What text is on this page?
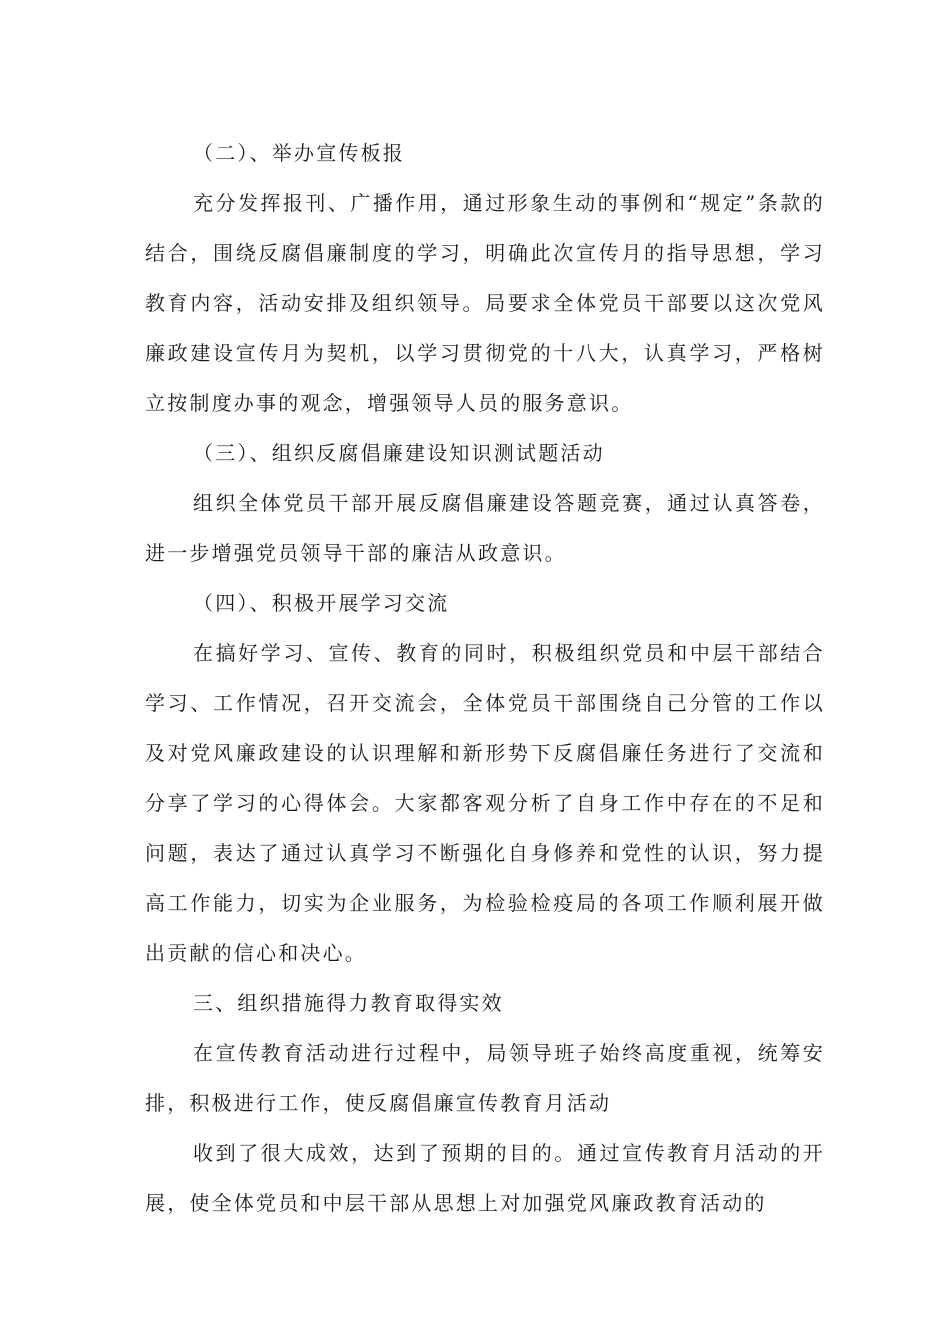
（二）、举办宣传板报

充分发挥报刊、广播作用，通过形象生动的事例和“规定”条款的结合，围绕反腐倡廉制度的学习，明确此次宣传月的指导思想，学习教育内容，活动安排及组织领导。局要求全体党员干部要以这次党风廉政建设宣传月为契机，以学习贯彻党的十八大，认真学习，严格树立按制度办事的观念，增强领导人员的服务意识。

（三）、组织反腐倡廉建设知识测试题活动

组织全体党员干部开展反腐倡廉建设答题竞赛，通过认真答卷，进一步增强党员领导干部的廉洁从政意识。

（四）、积极开展学习交流

在搞好学习、宣传、教育的同时，积极组织党员和中层干部结合学习、工作情况，召开交流会，全体党员干部围绕自己分管的工作以及对党风廉政建设的认识理解和新形势下反腐倡廉任务进行了交流和分享了学习的心得体会。大家都客观分析了自身工作中存在的不足和问题，表达了通过认真学习不断强化自身修养和党性的认识，努力提高工作能力，切实为企业服务，为检验检疫局的各项工作顺利展开做出贡献的信心和决心。

三、组织措施得力教育取得实效

在宣传教育活动进行过程中，局领导班子始终高度重视，统筹安排，积极进行工作，使反腐倡廉宣传教育月活动

收到了很大成效，达到了预期的目的。通过宣传教育月活动的开展，使全体党员和中层干部从思想上对加强党风廉政教育活动的
